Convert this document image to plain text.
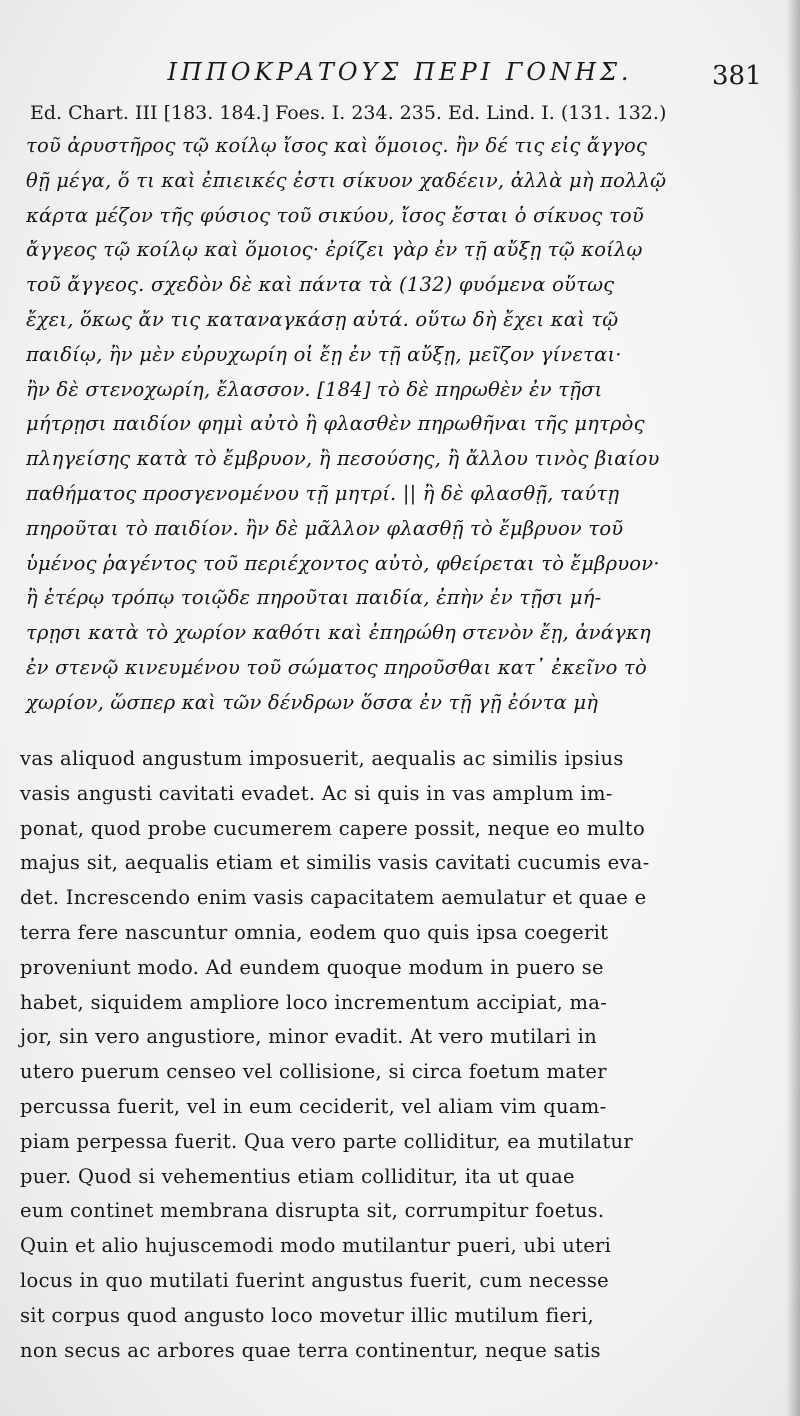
ΙΠΠΟΚΡΑΤΟΥΣ ΠΕΡΙ ΓΟΝΗΣ.	381
Ed. Chart. III [183. 184.] Foes. I. 234. 235. Ed. Lind. I. (131. 132.)
τοῦ ἀρυστῆρος τῷ κοίλῳ ἴσος καὶ ὅμοιος. ἢν δέ τις εἰς ἄγγος
θῇ μέγα, ὅ τι καὶ ἐπιεικές ἐστι σίκυον χαδέειν, ἀλλὰ μὴ πολλῷ
κάρτα μέζον τῆς φύσιος τοῦ σικύου, ἴσος ἔσται ὁ σίκυος τοῦ
ἄγγεος τῷ κοίλῳ καὶ ὅμοιος· ἐρίζει γὰρ ἐν τῇ αὔξῃ τῷ κοίλῳ
τοῦ ἄγγεος. σχεδὸν δὲ καὶ πάντα τὰ (132) φυόμενα οὕτως
ἔχει, ὅκως ἄν τις καταναγκάσῃ αὐτά. οὕτω δὴ ἔχει καὶ τῷ
παιδίῳ, ἢν μὲν εὐρυχωρίη οἱ ἔῃ ἐν τῇ αὔξῃ, μεῖζον γίνεται·
ἢν δὲ στενοχωρίη, ἔλασσον. [184] τὸ δὲ πηρωθὲν ἐν τῇσι
μήτρῃσι παιδίον φημὶ αὐτὸ ἢ φλασθὲν πηρωθῆναι τῆς μητρὸς
πληγείσης κατὰ τὸ ἔμβρυον, ἢ πεσούσης, ἢ ἄλλου τινὸς βιαίου
παθήματος προσγενομένου τῇ μητρί. || ἢ δὲ φλασθῇ, ταύτῃ
πηροῦται τὸ παιδίον. ἢν δὲ μᾶλλον φλασθῇ τὸ ἔμβρυον τοῦ
ὑμένος ῥαγέντος τοῦ περιέχοντος αὐτὸ, φθείρεται τὸ ἔμβρυον·
ἢ ἑτέρῳ τρόπῳ τοιῷδε πηροῦται παιδία, ἐπὴν ἐν τῇσι μή-
τρῃσι κατὰ τὸ χωρίον καθότι καὶ ἐπηρώθη στενὸν ἔῃ, ἀνάγκη
ἐν στενῷ κινευμένου τοῦ σώματος πηροῦσθαι κατ᾽ ἐκεῖνο τὸ
χωρίον, ὥσπερ καὶ τῶν δένδρων ὅσσα ἐν τῇ γῇ ἐόντα μὴ
vas aliquod angustum imposuerit, aequalis ac similis ipsius
vasis angusti cavitati evadet. Ac si quis in vas amplum im-
ponat, quod probe cucumerem capere possit, neque eo multo
majus sit, aequalis etiam et similis vasis cavitati cucumis eva-
det. Increscendo enim vasis capacitatem aemulatur et quae e
terra fere nascuntur omnia, eodem quo quis ipsa coegerit
proveniunt modo. Ad eundem quoque modum in puero se
habet, siquidem ampliore loco incrementum accipiat, ma-
jor, sin vero angustiore, minor evadit. At vero mutilari in
utero puerum censeo vel collisione, si circa foetum mater
percussa fuerit, vel in eum ceciderit, vel aliam vim quam-
piam perpessa fuerit. Qua vero parte colliditur, ea mutilatur
puer. Quod si vehementius etiam colliditur, ita ut quae
eum continet membrana disrupta sit, corrumpitur foetus.
Quin et alio hujuscemodi modo mutilantur pueri, ubi uteri
locus in quo mutilati fuerint angustus fuerit, cum necesse
sit corpus quod angusto loco movetur illic mutilum fieri,
non secus ac arbores quae terra continentur, neque satis
